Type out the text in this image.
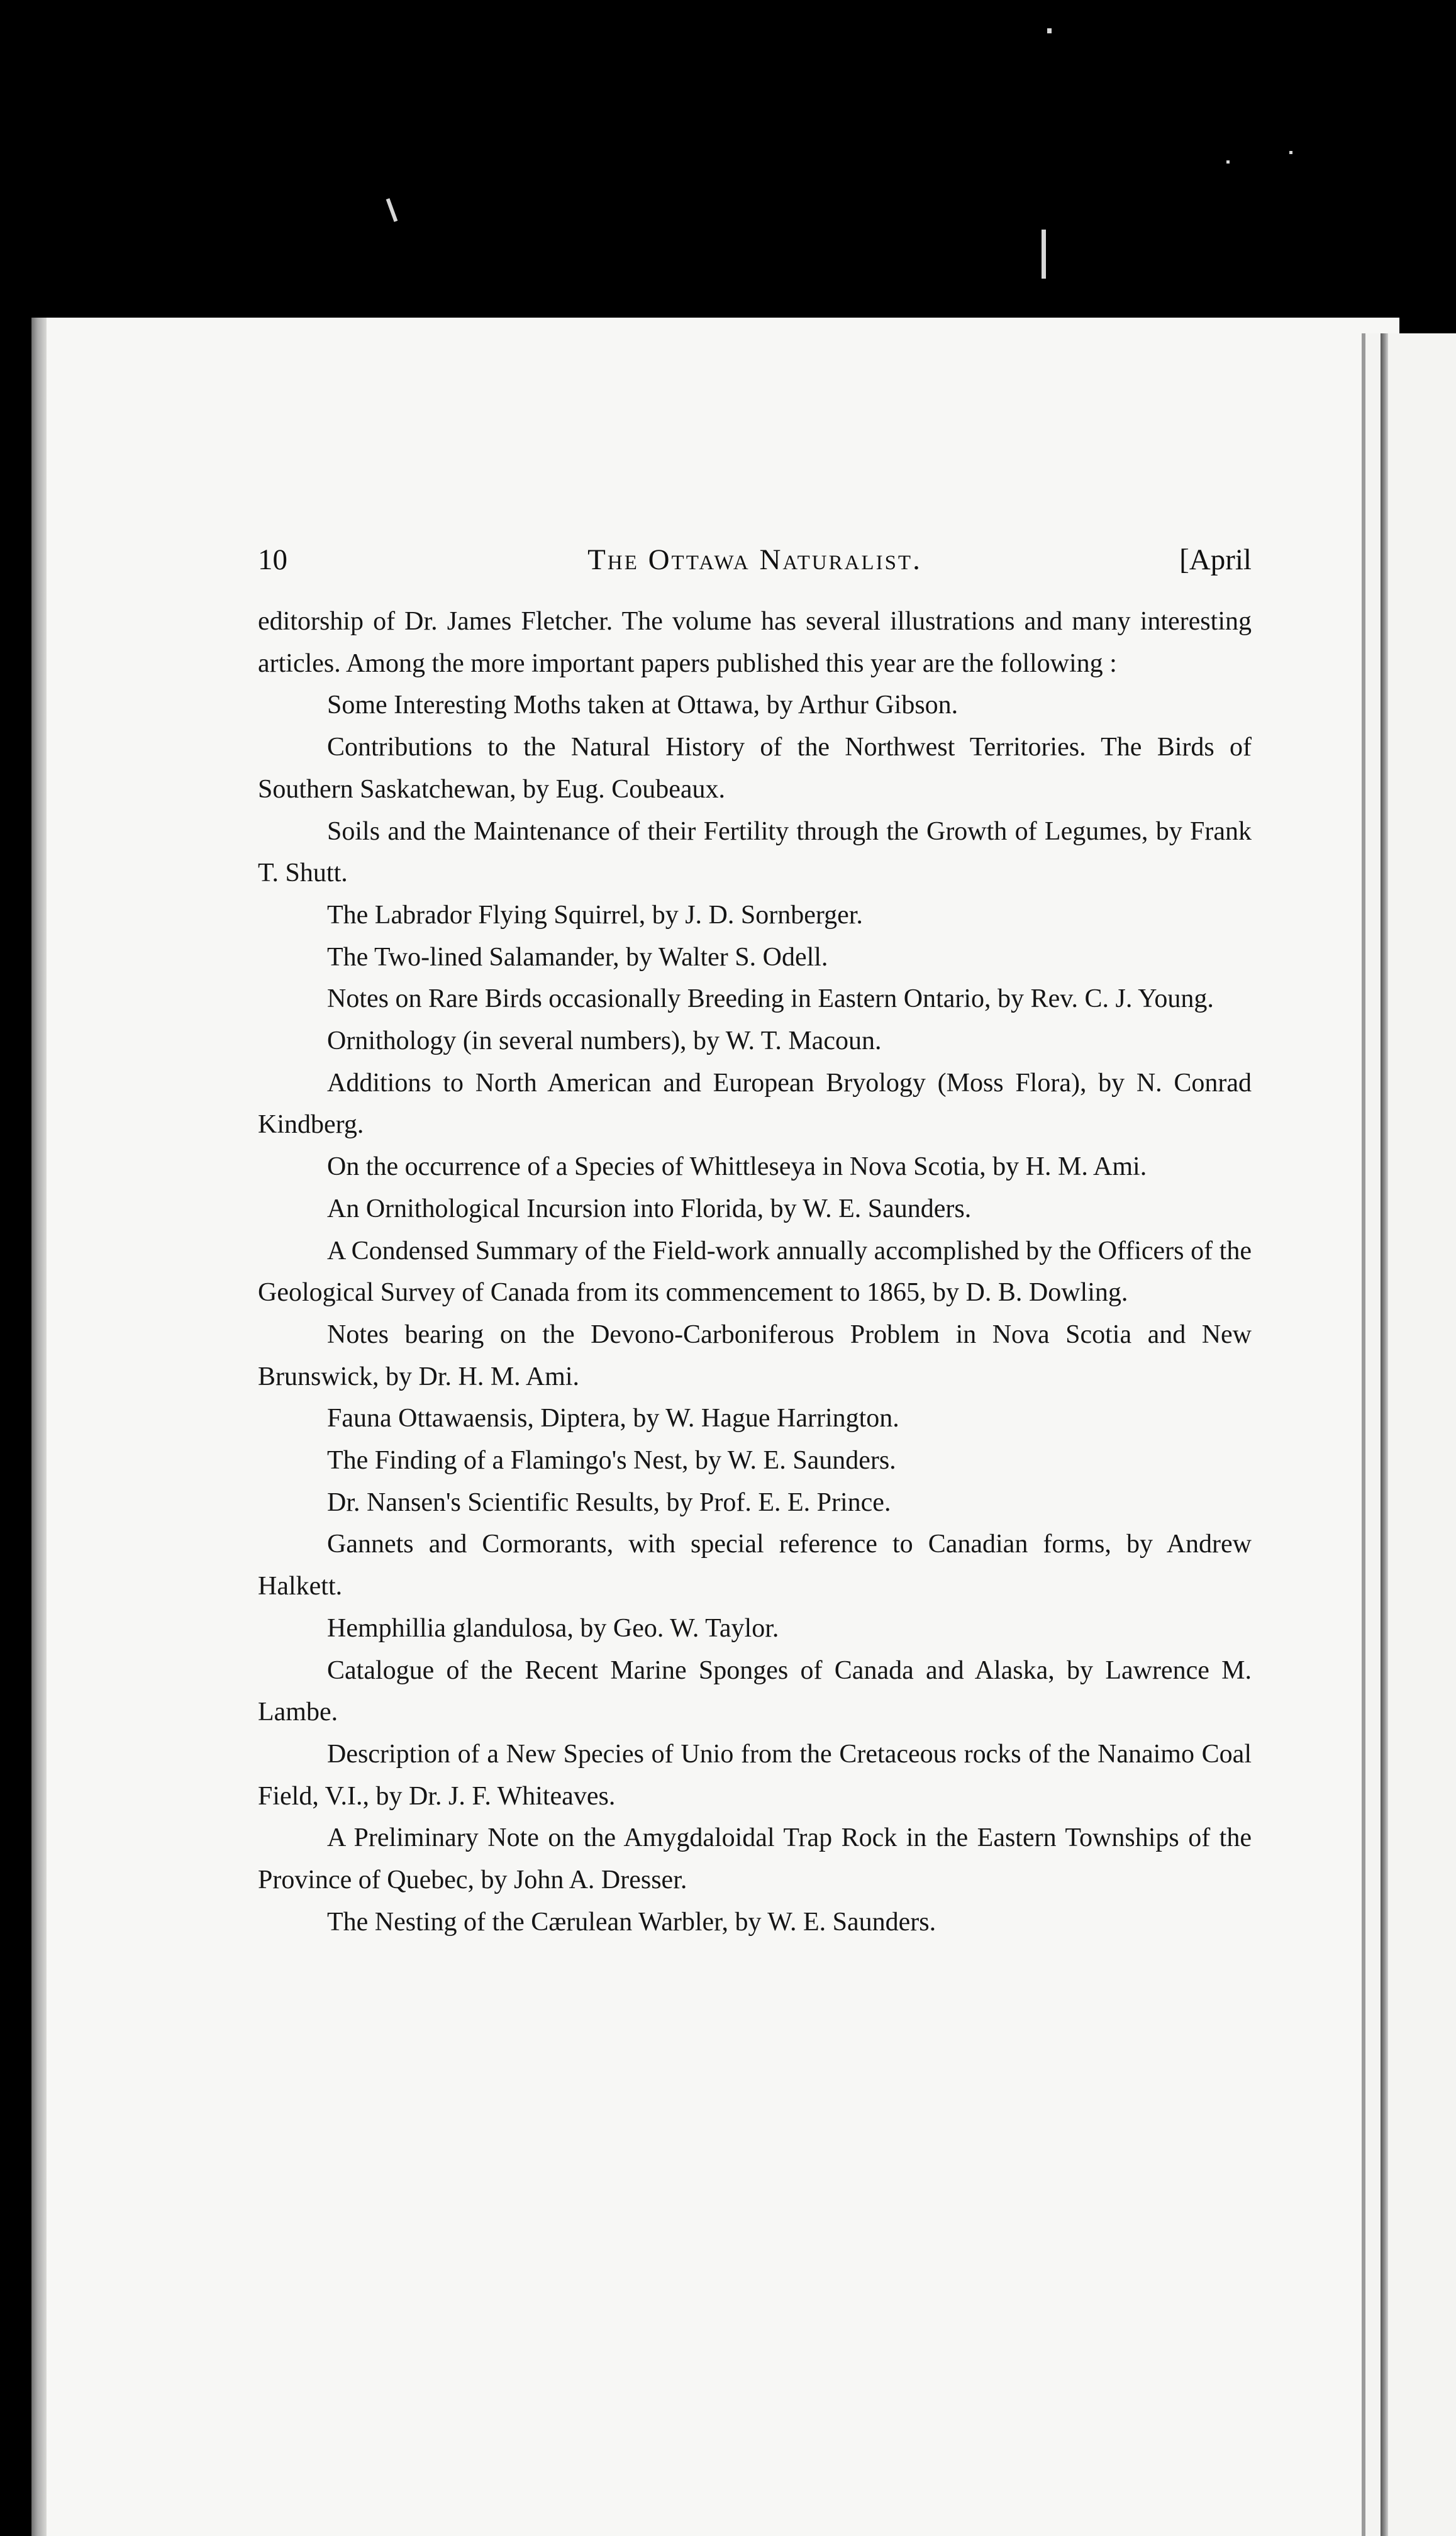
10	The Ottawa Naturalist.	[April

editorship of Dr. James Fletcher. The volume has several illustrations and many interesting articles. Among the more important papers published this year are the following :

Some Interesting Moths taken at Ottawa, by Arthur Gibson.

Contributions to the Natural History of the Northwest Territories. The Birds of Southern Saskatchewan, by Eug. Coubeaux.

Soils and the Maintenance of their Fertility through the Growth of Legumes, by Frank T. Shutt.

The Labrador Flying Squirrel, by J. D. Sornberger.

The Two-lined Salamander, by Walter S. Odell.

Notes on Rare Birds occasionally Breeding in Eastern Ontario, by Rev. C. J. Young.

Ornithology (in several numbers), by W. T. Macoun.

Additions to North American and European Bryology (Moss Flora), by N. Conrad Kindberg.

On the occurrence of a Species of Whittleseya in Nova Scotia, by H. M. Ami.

An Ornithological Incursion into Florida, by W. E. Saunders.

A Condensed Summary of the Field-work annually accomplished by the Officers of the Geological Survey of Canada from its commencement to 1865, by D. B. Dowling.

Notes bearing on the Devono-Carboniferous Problem in Nova Scotia and New Brunswick, by Dr. H. M. Ami.

Fauna Ottawaensis, Diptera, by W. Hague Harrington.

The Finding of a Flamingo's Nest, by W. E. Saunders.

Dr. Nansen's Scientific Results, by Prof. E. E. Prince.

Gannets and Cormorants, with special reference to Canadian forms, by Andrew Halkett.

Hemphillia glandulosa, by Geo. W. Taylor.

Catalogue of the Recent Marine Sponges of Canada and Alaska, by Lawrence M. Lambe.

Description of a New Species of Unio from the Cretaceous rocks of the Nanaimo Coal Field, V.I., by Dr. J. F. Whiteaves.

A Preliminary Note on the Amygdaloidal Trap Rock in the Eastern Townships of the Province of Quebec, by John A. Dresser.

The Nesting of the Cærulean Warbler, by W. E. Saunders.
